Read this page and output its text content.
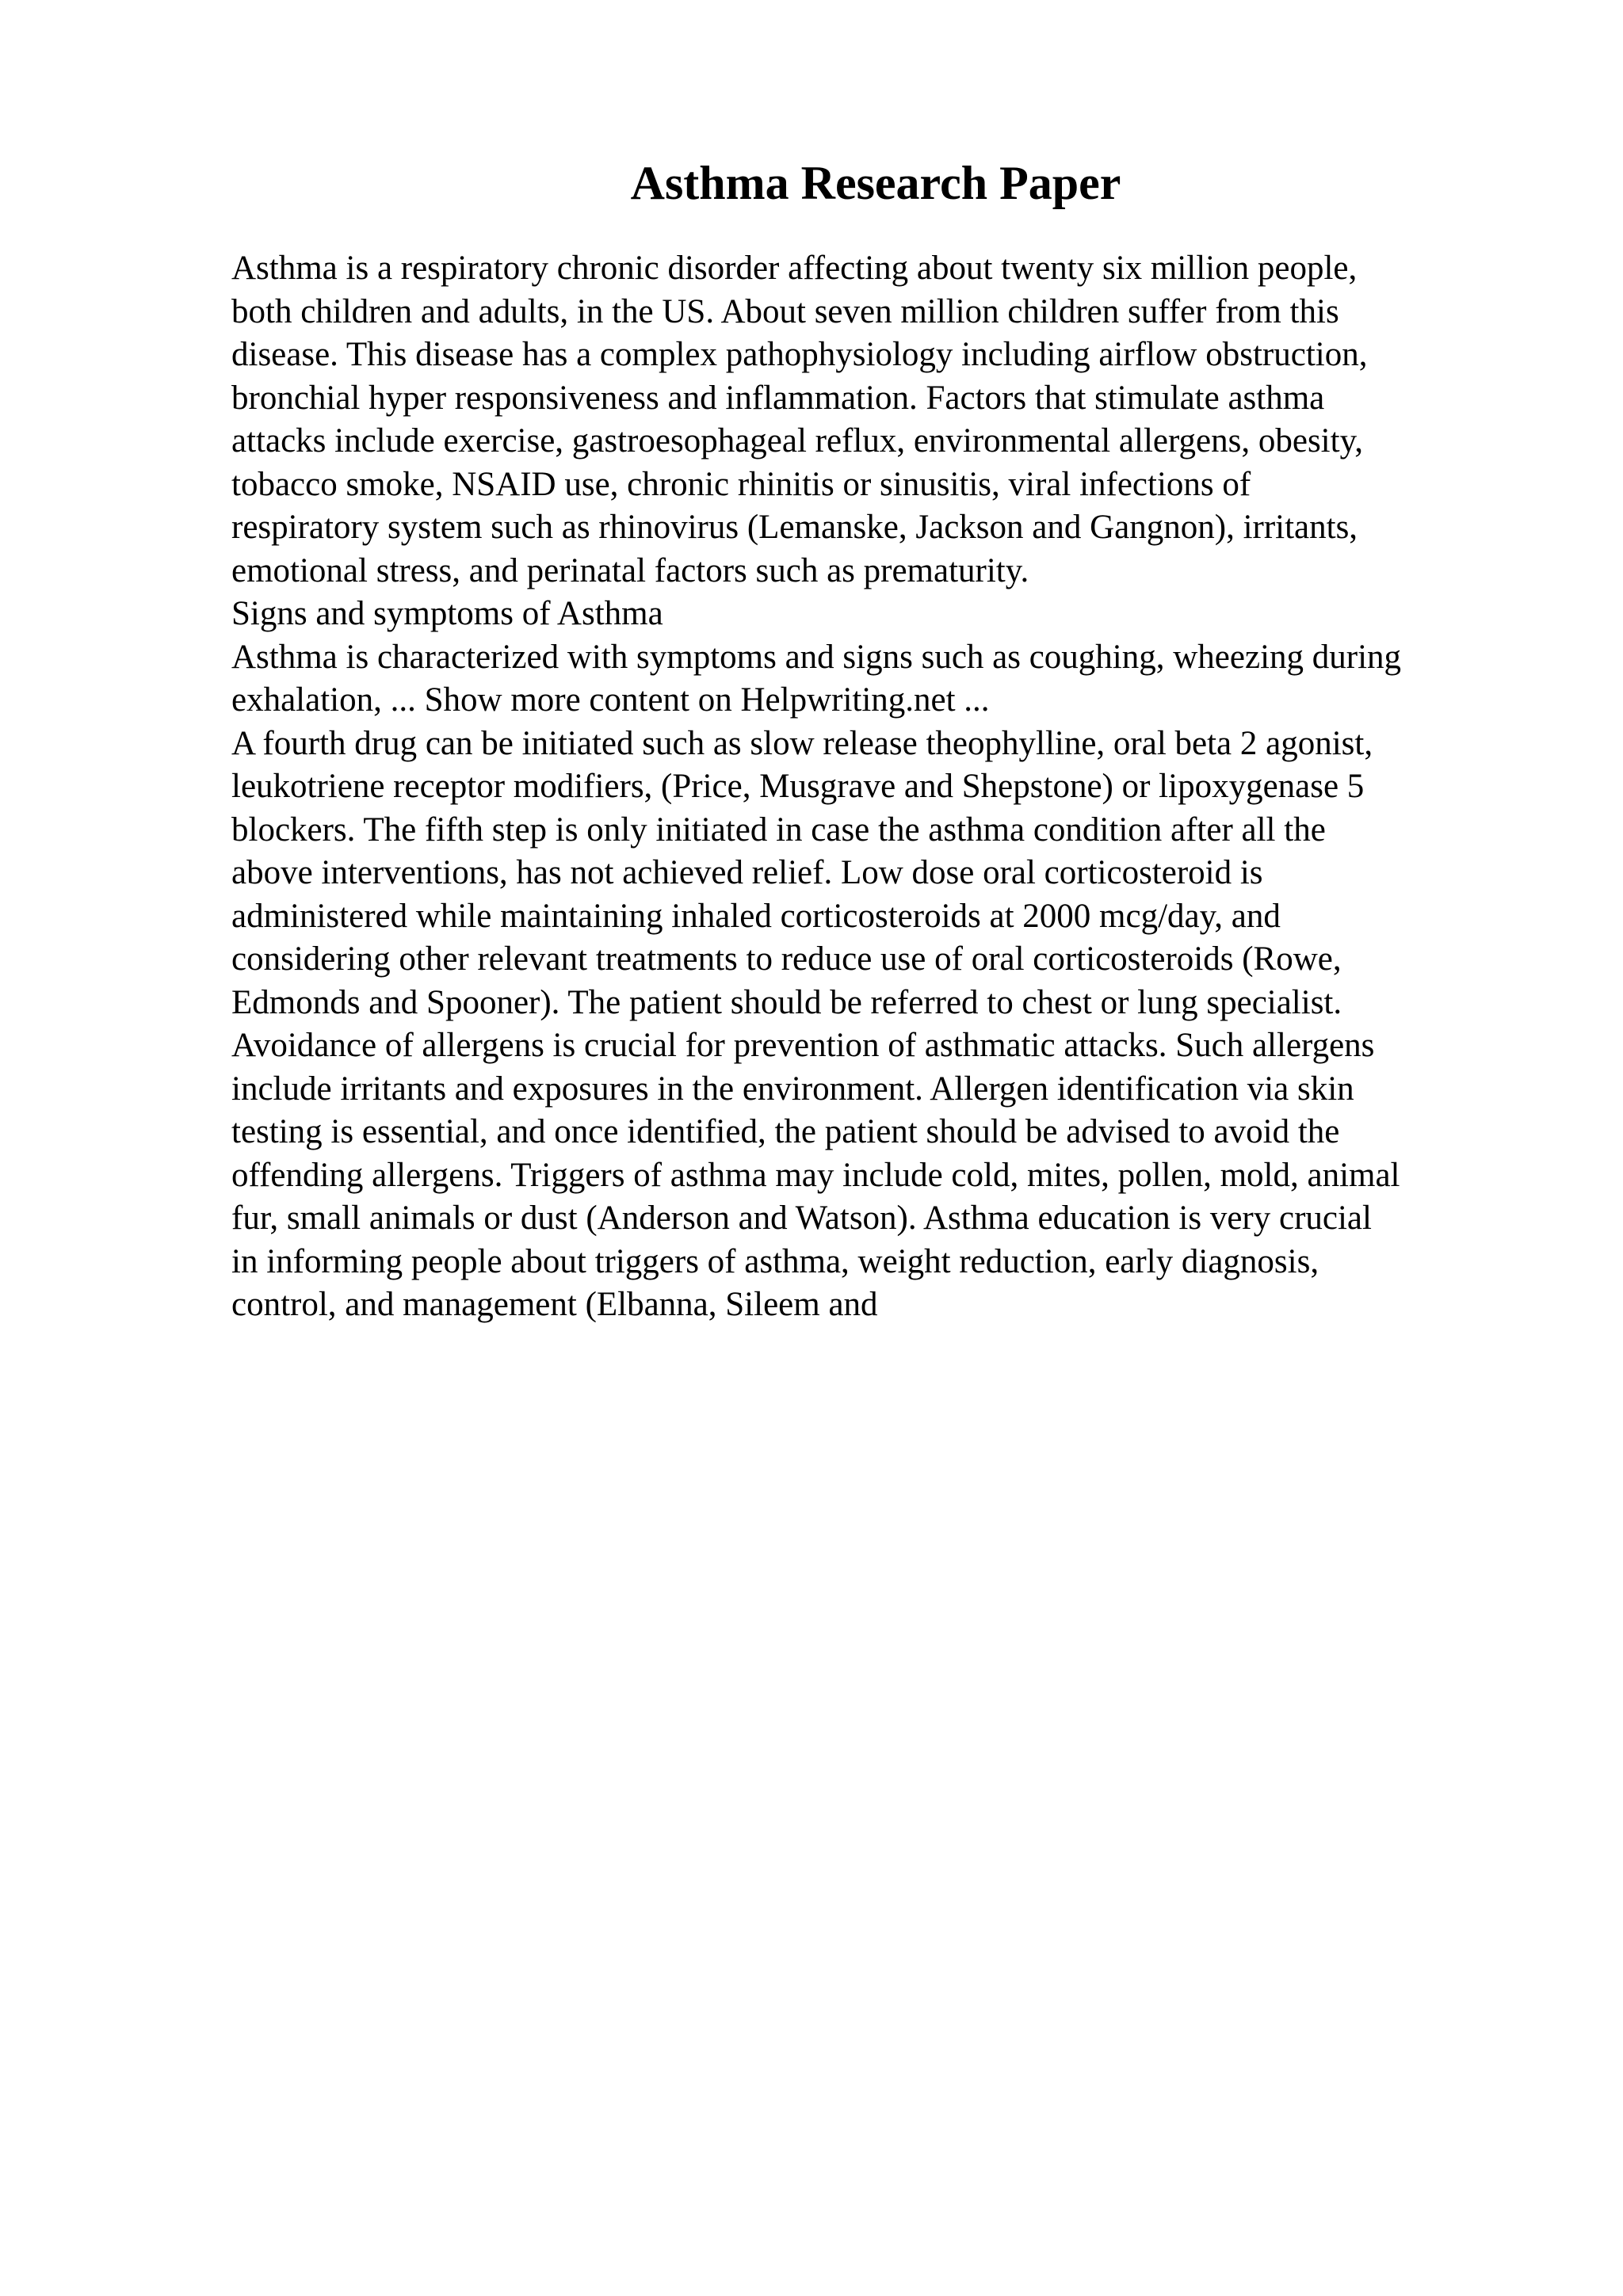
Asthma Research Paper
Asthma is a respiratory chronic disorder affecting about twenty six million people,
both children and adults, in the US. About seven million children suffer from this
disease. This disease has a complex pathophysiology including airflow obstruction,
bronchial hyper responsiveness and inflammation. Factors that stimulate asthma
attacks include exercise, gastroesophageal reflux, environmental allergens, obesity,
tobacco smoke, NSAID use, chronic rhinitis or sinusitis, viral infections of
respiratory system such as rhinovirus (Lemanske, Jackson and Gangnon), irritants,
emotional stress, and perinatal factors such as prematurity.
Signs and symptoms of Asthma
Asthma is characterized with symptoms and signs such as coughing, wheezing during
exhalation, ... Show more content on Helpwriting.net ...
A fourth drug can be initiated such as slow release theophylline, oral beta 2 agonist,
leukotriene receptor modifiers, (Price, Musgrave and Shepstone) or lipoxygenase 5
blockers. The fifth step is only initiated in case the asthma condition after all the
above interventions, has not achieved relief. Low dose oral corticosteroid is
administered while maintaining inhaled corticosteroids at 2000 mcg/day, and
considering other relevant treatments to reduce use of oral corticosteroids (Rowe,
Edmonds and Spooner). The patient should be referred to chest or lung specialist.
Avoidance of allergens is crucial for prevention of asthmatic attacks. Such allergens
include irritants and exposures in the environment. Allergen identification via skin
testing is essential, and once identified, the patient should be advised to avoid the
offending allergens. Triggers of asthma may include cold, mites, pollen, mold, animal
fur, small animals or dust (Anderson and Watson). Asthma education is very crucial
in informing people about triggers of asthma, weight reduction, early diagnosis,
control, and management (Elbanna, Sileem and
